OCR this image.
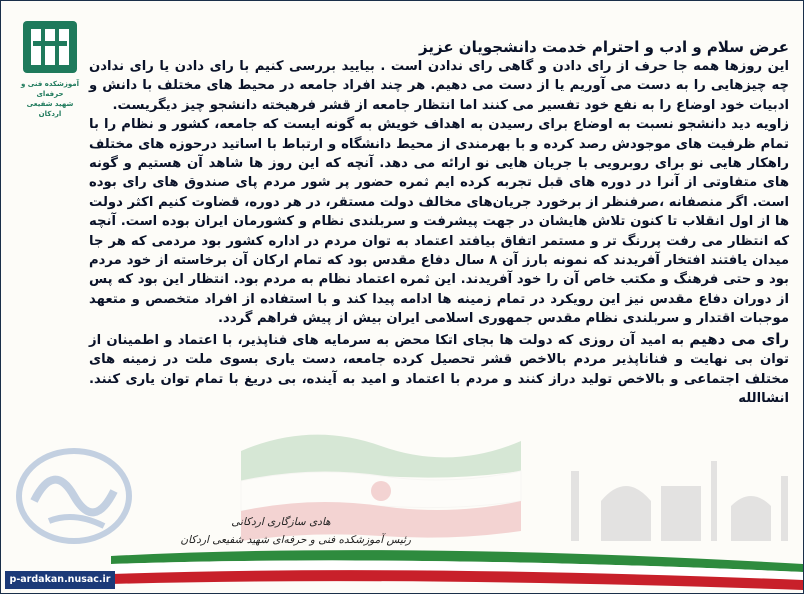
آموزشکده فنی و حرفه‌ای
شهید شفیعی اردکان

عرض سلام و ادب و احترام خدمت دانشجویان عزیز

این روزها همه جا حرف از رای دادن و گاهی رای ندادن است . بیایید بررسی کنیم با رای دادن یا رای ندادن چه چیزهایی را به دست می آوریم یا از دست می دهیم. هر چند افراد جامعه در محیط های مختلف با دانش و ادبیات خود اوضاع را به نفع خود تفسیر می کنند اما انتظار جامعه از قشر فرهیخته دانشجو چیز دیگریست.

زاویه دید دانشجو نسبت به اوضاع برای رسیدن به اهداف خویش به گونه ایست که جامعه، کشور و نظام را با تمام ظرفیت های موجودش رصد کرده و با بهرمندی از محیط دانشگاه و ارتباط با اساتید درحوزه های مختلف راهکار هایی نو برای روبرویی با جریان هایی نو ارائه می دهد. آنچه که این روز ها شاهد آن هستیم و گونه های متفاوتی از آنرا در دوره های قبل تجربه کرده ایم ثمره حضور پر شور مردم پای صندوق های رای بوده است. اگر منصفانه ،صرفنظر از برخورد جریان‌های مخالف دولت مستقر، در هر دوره، قضاوت کنیم اکثر دولت ها از اول انقلاب تا کنون تلاش هایشان در جهت پیشرفت و سربلندی نظام و کشورمان ایران بوده است. آنچه که انتظار می رفت پررنگ تر و مستمر اتفاق بیافتد اعتماد به توان مردم در اداره کشور بود مردمی که هر جا میدان یافتند افتخار آفریدند که نمونه بارز آن ۸ سال دفاع مقدس بود که تمام ارکان آن برخاسته از خود مردم بود و حتی فرهنگ و مکتب خاص آن را خود آفریدند. این ثمره اعتماد نظام به مردم بود. انتظار این بود که پس از دوران دفاع مقدس نیز این رویکرد در تمام زمینه ها ادامه پیدا کند و با استفاده از افراد متخصص و متعهد موجبات اقتدار و سربلندی نظام مقدس جمهوری اسلامی ایران بیش از پیش فراهم گردد.

رای می دهیم به امید آن روزی که دولت ها بجای اتکا محض به سرمایه های فناپذیر، با اعتماد و اطمینان از توان بی نهایت و فناناپذیر مردم بالاخص قشر تحصیل کرده جامعه، دست یاری بسوی ملت در زمینه های مختلف اجتماعی و بالاخص تولید دراز کنند و مردم با اعتماد و امید به آینده، بی دریغ با تمام توان یاری کنند. انشاالله

هادی سازگاری اردکانی
رئیس آموزشکده فنی و حرفه‌ای شهید شفیعی اردکان
p-ardakan.nusac.ir
